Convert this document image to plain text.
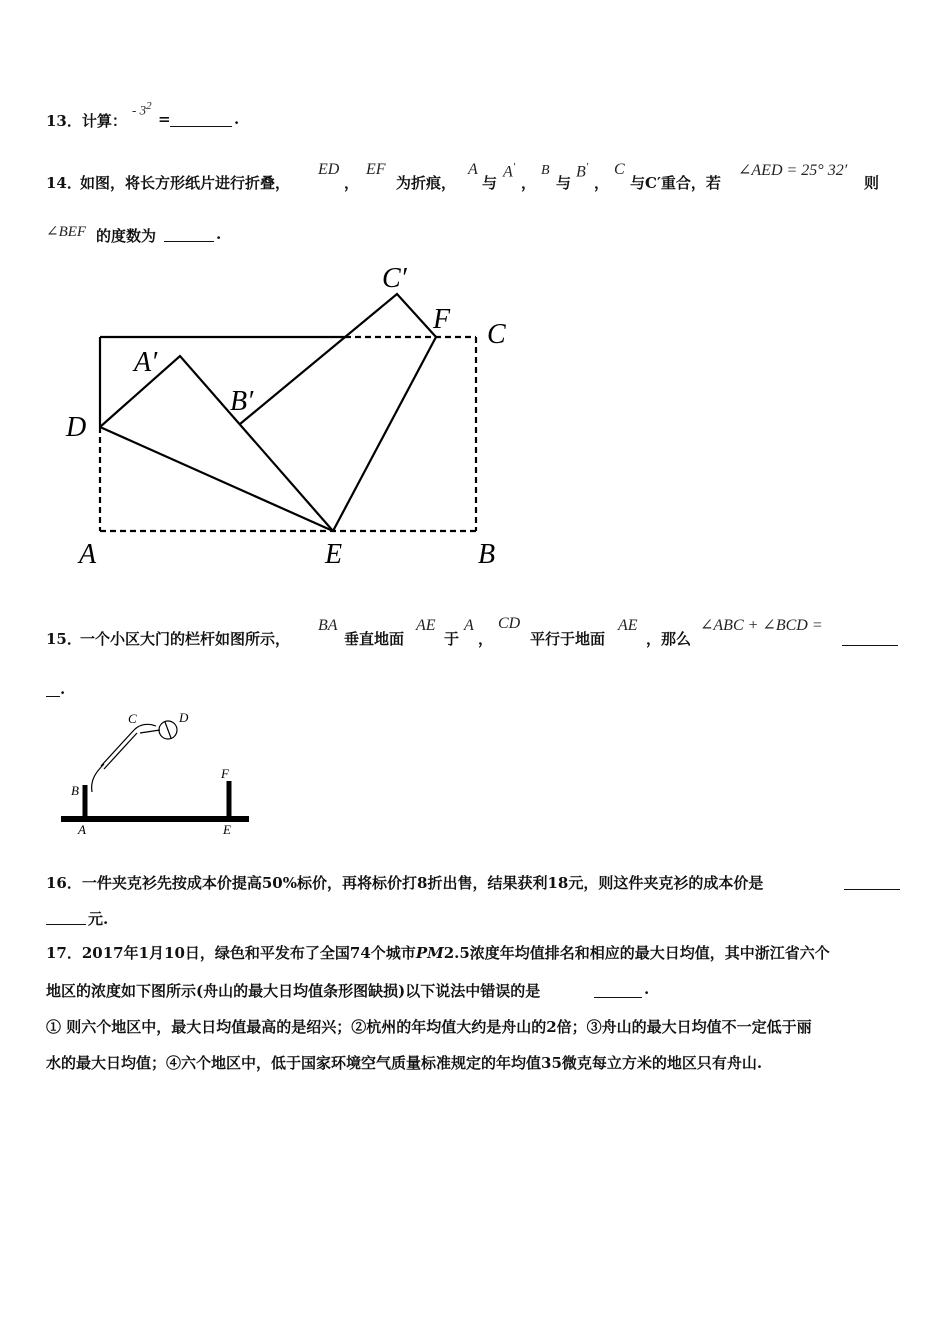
13．计算：
- $3^2$
=	.
14．
如图，将长方形纸片进行折叠，
ED
，
EF
为折痕，
A
与
A′
，
B
与
B′
，
C
与C′重合，若
∠AED = 25° 32′
则
∠BEF 的度数为	.
C′
F C
A′
B′
D
A	E	B
15．
一个小区大门的栏杆如图所示，
BA
垂直地面
AE
于
A
，
CD
平行于地面
AE
，那么
∠ABC + ∠BCD =
.
C	D
B
F
A	E
16．一件夹克衫先按成本价提高50%标价，再将标价打8折出售，结果获利18元，则这件夹克衫的成本价是
元.
17．2017年1月10日，绿色和平发布了全国74个城市PM2.5浓度年均值排名和相应的最大日均值，其中浙江省六个
地区的浓度如下图所示(舟山的最大日均值条形图缺损)以下说法中错误的是	.
① 则六个地区中，最大日均值最高的是绍兴；②杭州的年均值大约是舟山的2倍；③舟山的最大日均值不一定低于丽
水的最大日均值；④六个地区中，低于国家环境空气质量标准规定的年均值35微克每立方米的地区只有舟山.
